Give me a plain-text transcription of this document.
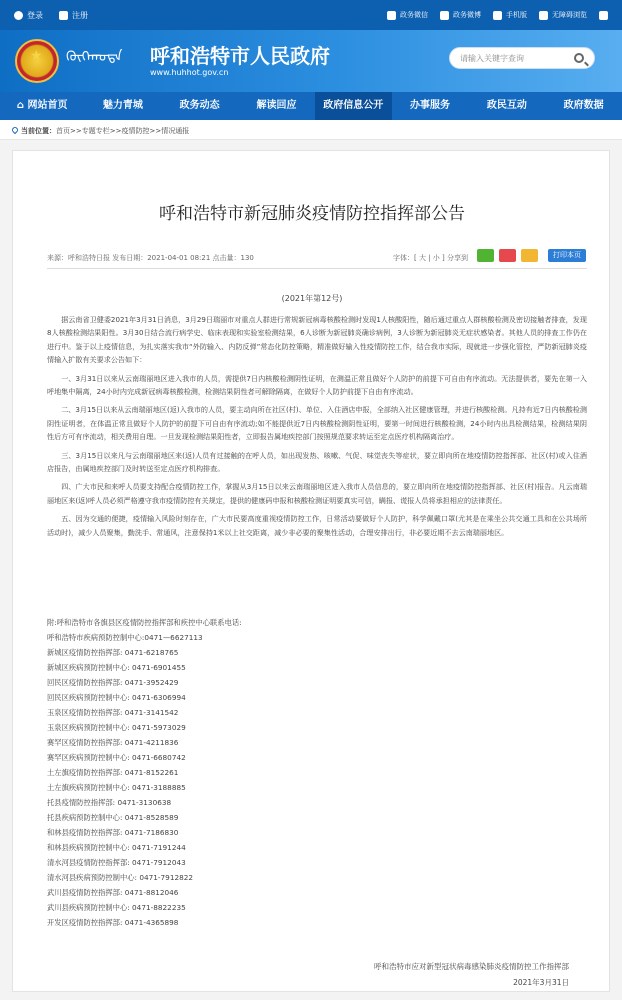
登录	注册	政务微信	政务微博	手机版	无障碍浏览
★
ᠬᠥᠬᠡᠬᠣᠲᠠ 呼和浩特市人民政府
www.huhhot.gov.cn
请输入关键字查询
⌂ 网站首页	魅力青城	政务动态	解读回应	政府信息公开	办事服务	政民互动	政府数据
当前位置：首页>>专题专栏>>疫情防控>>情况通报
呼和浩特市新冠肺炎疫情防控指挥部公告
来源：呼和浩特日报 发布日期：2021-04-01 08:21 点击量：130	字体：[ 大 | 小 ] 分享到	打印本页
(2021年第12号)

据云南省卫健委2021年3月31日消息，3月29日瑞丽市对重点人群进行常规新冠病毒核酸检测时发现1人核酸阳性，随后通过重点人群核酸检测及密切接触者排查，发现8人核酸检测结果阳性。3月30日结合流行病学史、临床表现和实验室检测结果，6人诊断为新冠肺炎确诊病例，3人诊断为新冠肺炎无症状感染者。其他人员的排查工作仍在进行中。鉴于以上疫情信息，为扎实落实我市“外防输入、内防反弹”常态化防控策略，精准做好输入性疫情防控工作，结合我市实际，现就进一步强化管控，严防新冠肺炎疫情输入扩散有关要求公告如下：

一、3月31日以来从云南瑞丽地区进入我市的人员，需提供7日内核酸检测阴性证明，在测温正常且做好个人防护的前提下可自由有序流动。无法提供者，要先在第一入呼地集中隔离，24小时内完成新冠病毒核酸检测，检测结果阴性者可解除隔离，在做好个人防护前提下自由有序流动。

二、3月15日以来从云南瑞丽地区(返)入我市的人员，要主动向所在社区(村)、单位、入住酒店申报，全部纳入社区健康管理，并进行核酸检测。凡持有近7日内核酸检测阴性证明者，在体温正常且做好个人防护的前提下可自由有序流动;如不能提供近7日内核酸检测阴性证明，要第一时间进行核酸检测，24小时内出具检测结果，检测结果阴性后方可有序流动，相关费用自理。一旦发现检测结果阳性者，立即报告属地疾控部门按照规范要求转运至定点医疗机构隔离治疗。

三、3月15日以来凡与云南瑞丽地区来(返)人员有过接触的在呼人员，如出现发热、咳嗽、气促、味觉丧失等症状，要立即向所在地疫情防控指挥部、社区(村)或入住酒店报告，由属地疾控部门及时转送至定点医疗机构排查。

四、广大市民和来呼人员要支持配合疫情防控工作，掌握从3月15日以来云南瑞丽地区进入我市人员信息的，要立即向所在地疫情防控指挥部、社区(村)报告。凡云南瑞丽地区来(返)呼人员必须严格遵守我市疫情防控有关规定，提供的健康码申报和核酸检测证明要真实可信，瞒报、谎报人员将承担相应的法律责任。

五、因为交通的便捷，疫情输入风险时刻存在，广大市民要高度重视疫情防控工作，日常活动要做好个人防护，科学佩戴口罩(尤其是在乘坐公共交通工具和在公共场所活动时)，减少人员聚集，勤洗手、常通风，注意保持1米以上社交距离，减少非必要的聚集性活动，合理安排出行，非必要近期不去云南瑞丽地区。

附:呼和浩特市各旗县区疫情防控指挥部和疾控中心联系电话:
呼和浩特市疾病预防控制中心:0471—6627113
新城区疫情防控指挥部: 0471-6218765
新城区疾病预防控制中心: 0471-6901455
回民区疫情防控指挥部: 0471-3952429
回民区疾病预防控制中心: 0471-6306994
玉泉区疫情防控指挥部: 0471-3141542
玉泉区疾病预防控制中心: 0471-5973029
赛罕区疫情防控指挥部: 0471-4211836
赛罕区疾病预防控制中心: 0471-6680742
土左旗疫情防控指挥部: 0471-8152261
土左旗疾病预防控制中心: 0471-3188885
托县疫情防控指挥部: 0471-3130638
托县疾病预防控制中心: 0471-8528589
和林县疫情防控指挥部: 0471-7186830
和林县疾病预防控制中心: 0471-7191244
清水河县疫情防控指挥部: 0471-7912043
清水河县疾病预防控制中心: 0471-7912822
武川县疫情防控指挥部: 0471-8812046
武川县疾病预防控制中心: 0471-8822235
开发区疫情防控指挥部: 0471-4365898
呼和浩特市应对新型冠状病毒感染肺炎疫情防控工作指挥部
2021年3月31日
